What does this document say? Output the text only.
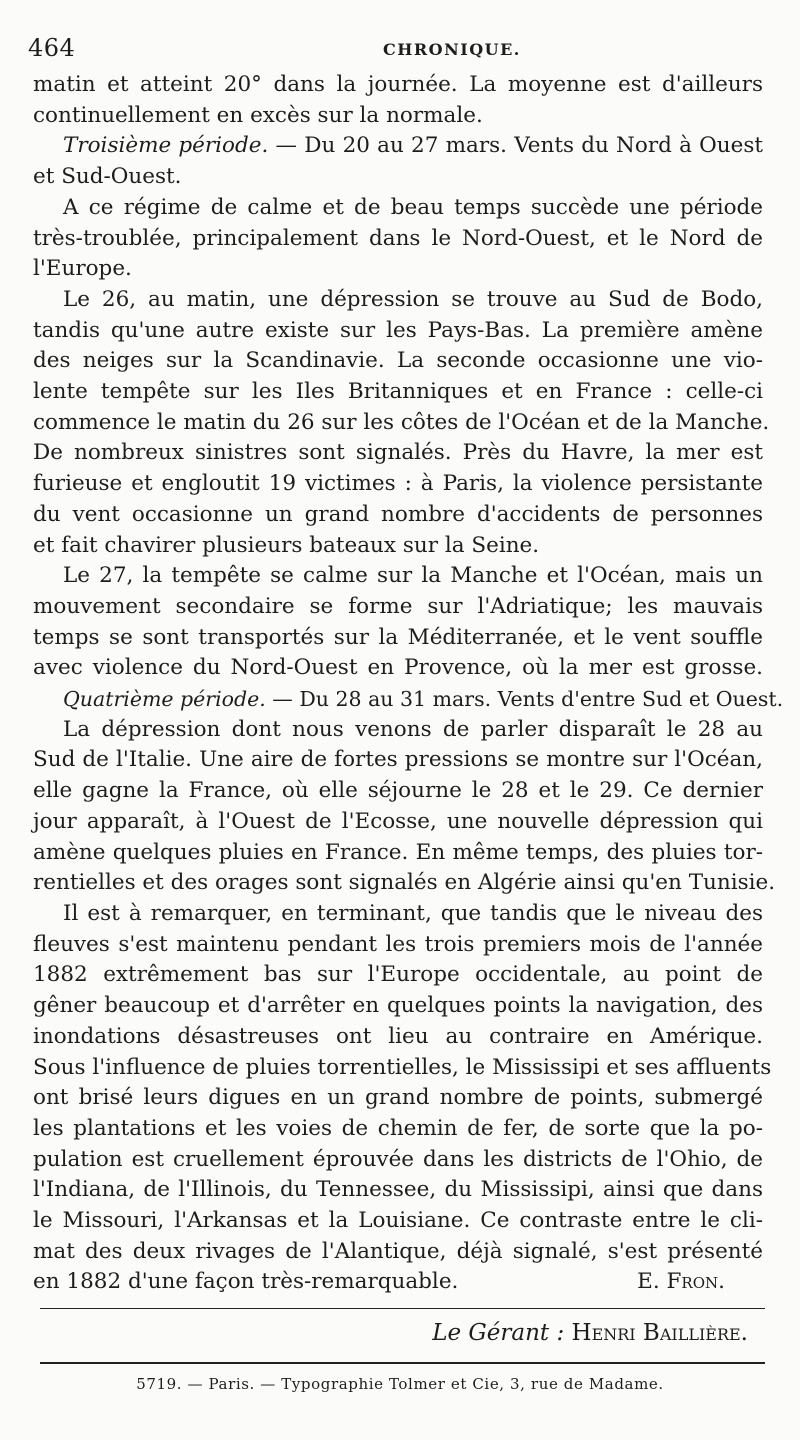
464	CHRONIQUE.
matin et atteint 20° dans la journée. La moyenne est d'ailleurs
continuellement en excès sur la normale.
Troisième période. — Du 20 au 27 mars. Vents du Nord à Ouest
et Sud-Ouest.
A ce régime de calme et de beau temps succède une période
très-troublée, principalement dans le Nord-Ouest, et le Nord de
l'Europe.
Le 26, au matin, une dépression se trouve au Sud de Bodo,
tandis qu'une autre existe sur les Pays-Bas. La première amène
des neiges sur la Scandinavie. La seconde occasionne une vio-
lente tempête sur les Iles Britanniques et en France : celle-ci
commence le matin du 26 sur les côtes de l'Océan et de la Manche.
De nombreux sinistres sont signalés. Près du Havre, la mer est
furieuse et engloutit 19 victimes : à Paris, la violence persistante
du vent occasionne un grand nombre d'accidents de personnes
et fait chavirer plusieurs bateaux sur la Seine.
Le 27, la tempête se calme sur la Manche et l'Océan, mais un
mouvement secondaire se forme sur l'Adriatique; les mauvais
temps se sont transportés sur la Méditerranée, et le vent souffle
avec violence du Nord-Ouest en Provence, où la mer est grosse.
Quatrième période. — Du 28 au 31 mars. Vents d'entre Sud et Ouest.
La dépression dont nous venons de parler disparaît le 28 au
Sud de l'Italie. Une aire de fortes pressions se montre sur l'Océan,
elle gagne la France, où elle séjourne le 28 et le 29. Ce dernier
jour apparaît, à l'Ouest de l'Ecosse, une nouvelle dépression qui
amène quelques pluies en France. En même temps, des pluies tor-
rentielles et des orages sont signalés en Algérie ainsi qu'en Tunisie.
Il est à remarquer, en terminant, que tandis que le niveau des
fleuves s'est maintenu pendant les trois premiers mois de l'année
1882 extrêmement bas sur l'Europe occidentale, au point de
gêner beaucoup et d'arrêter en quelques points la navigation, des
inondations désastreuses ont lieu au contraire en Amérique.
Sous l'influence de pluies torrentielles, le Mississipi et ses affluents
ont brisé leurs digues en un grand nombre de points, submergé
les plantations et les voies de chemin de fer, de sorte que la po-
pulation est cruellement éprouvée dans les districts de l'Ohio, de
l'Indiana, de l'Illinois, du Tennessee, du Mississipi, ainsi que dans
le Missouri, l'Arkansas et la Louisiane. Ce contraste entre le cli-
mat des deux rivages de l'Alantique, déjà signalé, s'est présenté
en 1882 d'une façon très-remarquable.	E. Fron.
Le Gérant : Henri Baillière.
5719. — Paris. — Typographie Tolmer et Cie, 3, rue de Madame.
